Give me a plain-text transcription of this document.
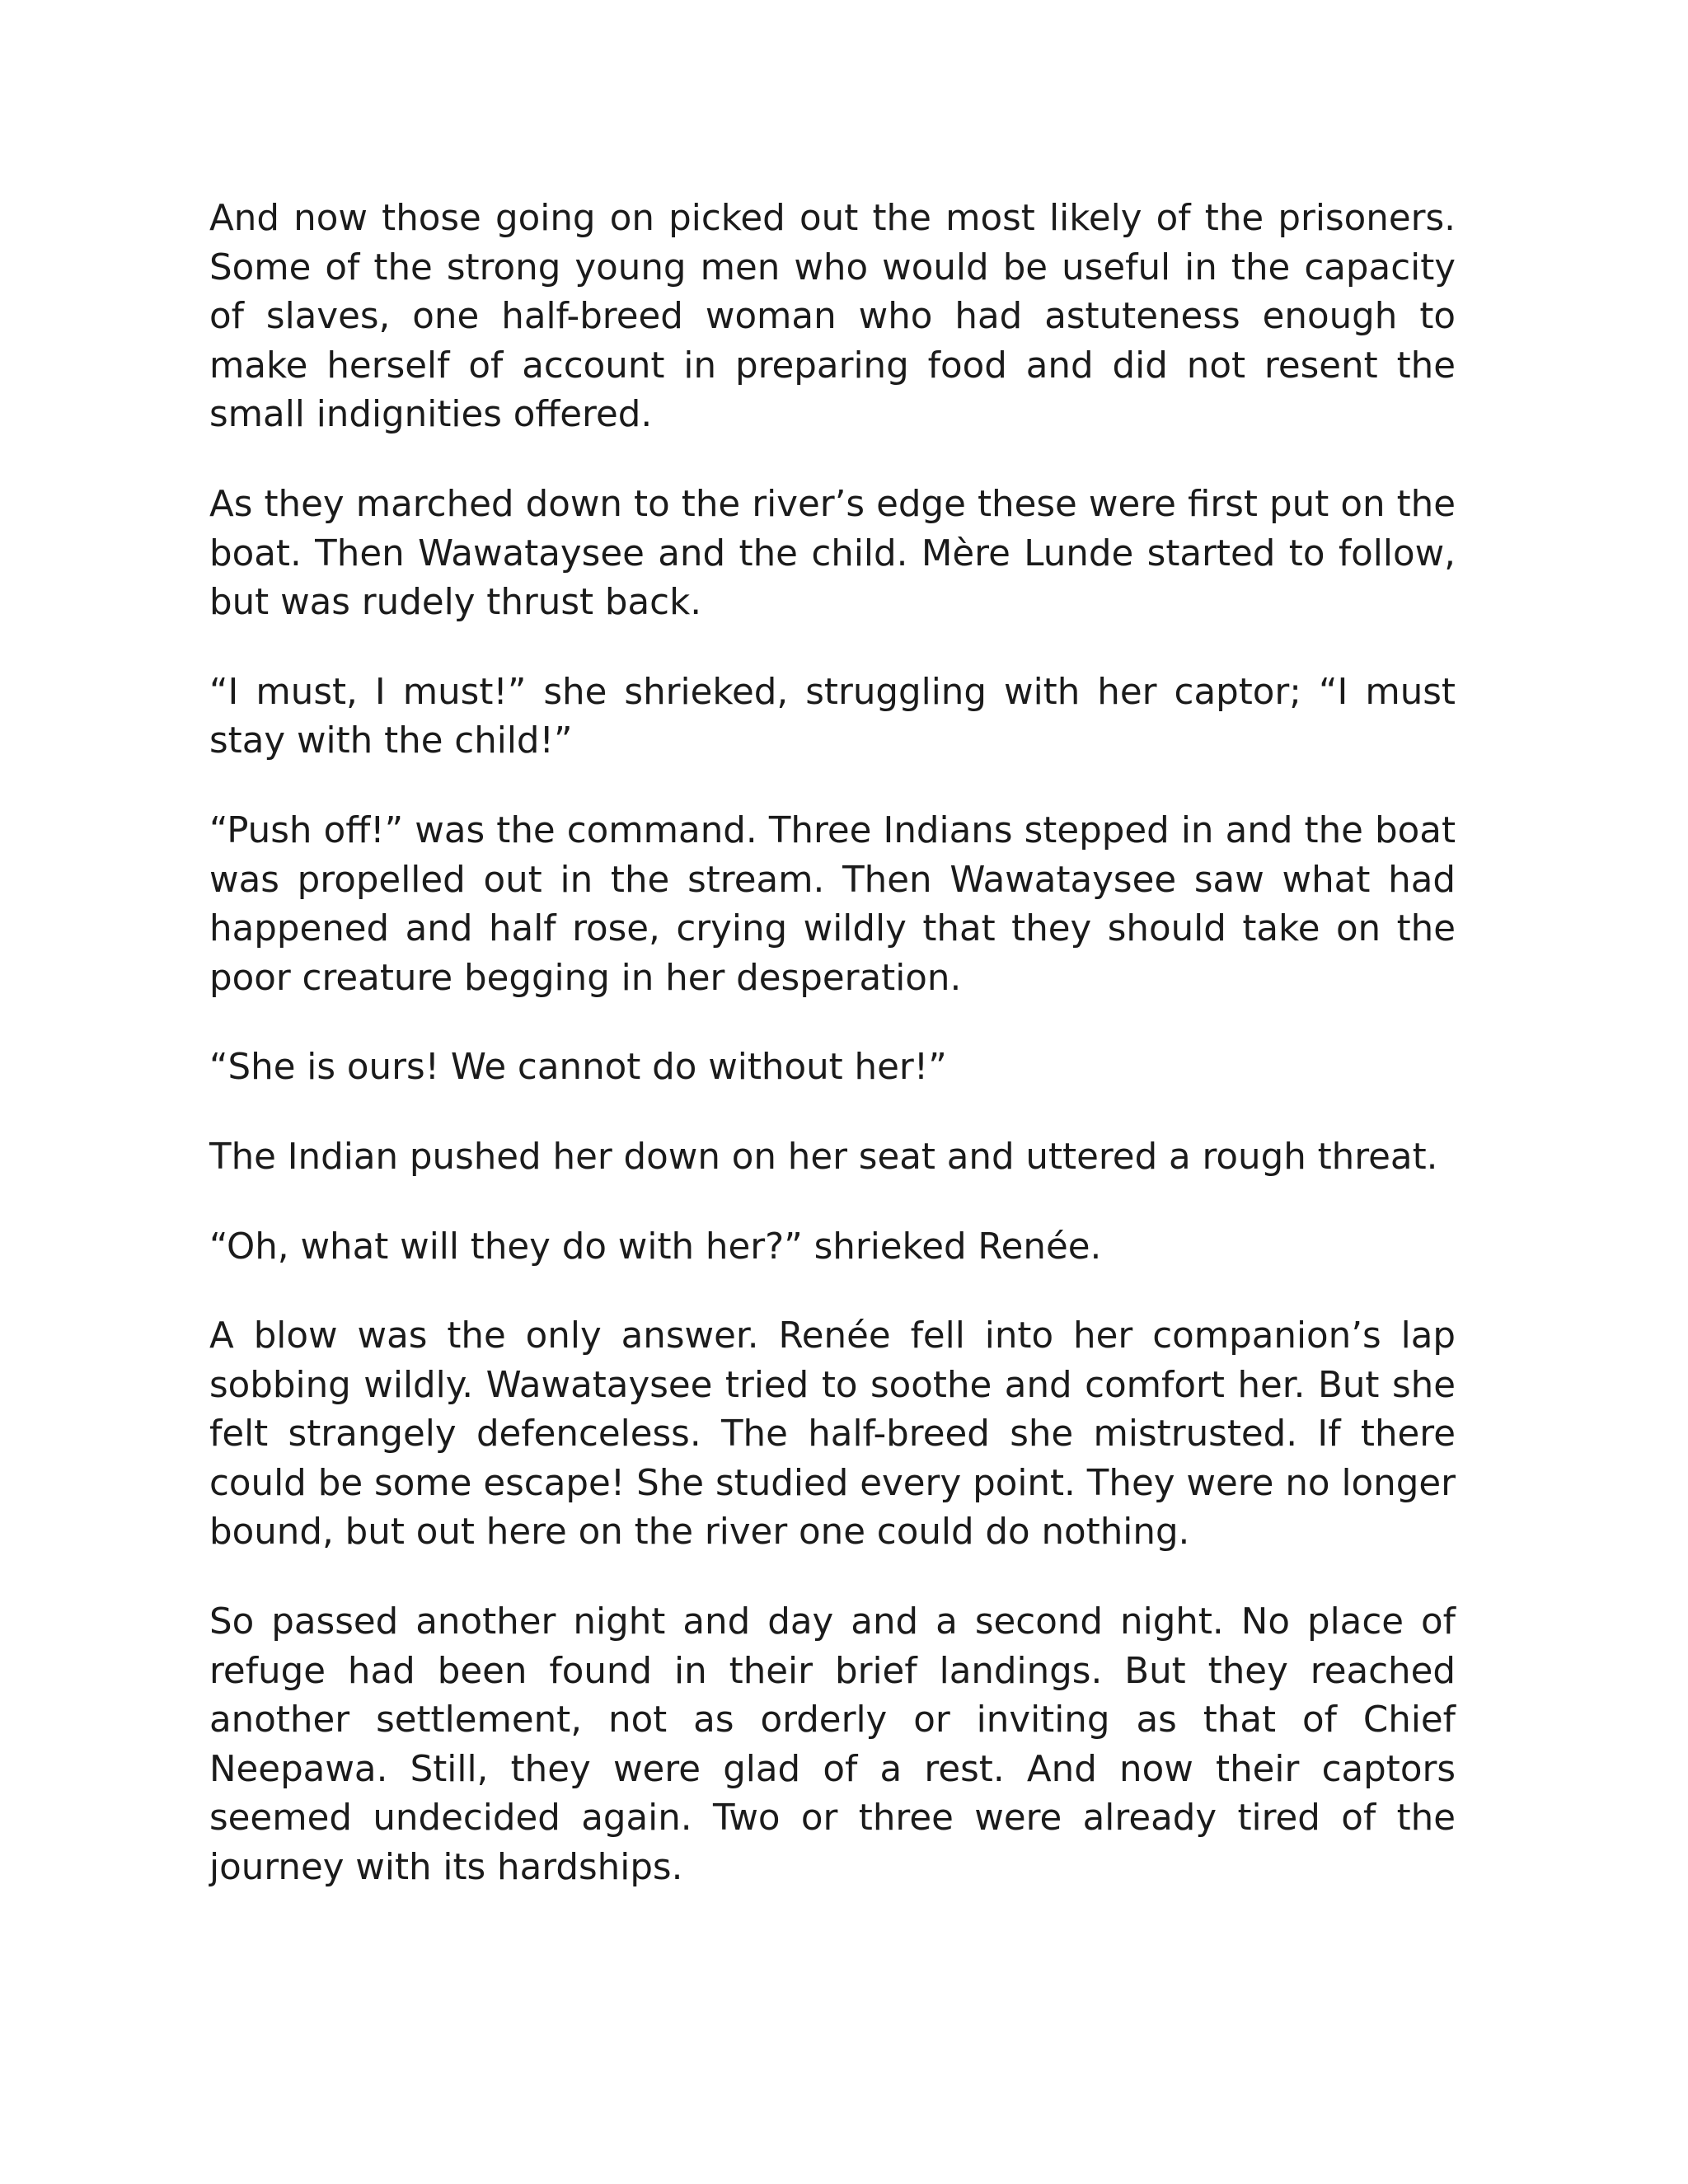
And now those going on picked out the most likely of the prisoners. Some of the strong young men who would be useful in the capacity of slaves, one half-breed woman who had astuteness enough to make herself of account in preparing food and did not resent the small indignities offered.

As they marched down to the river’s edge these were first put on the boat. Then Wawataysee and the child. Mère Lunde started to follow, but was rudely thrust back.

“I must, I must!” she shrieked, struggling with her captor; “I must stay with the child!”

“Push off!” was the command. Three Indians stepped in and the boat was propelled out in the stream. Then Wawataysee saw what had happened and half rose, crying wildly that they should take on the poor creature begging in her desperation.

“She is ours! We cannot do without her!”

The Indian pushed her down on her seat and uttered a rough threat.

“Oh, what will they do with her?” shrieked Renée.

A blow was the only answer. Renée fell into her companion’s lap sobbing wildly. Wawataysee tried to soothe and comfort her. But she felt strangely defenceless. The half-breed she mistrusted. If there could be some escape! She studied every point. They were no longer bound, but out here on the river one could do nothing.

So passed another night and day and a second night. No place of refuge had been found in their brief landings. But they reached another settlement, not as orderly or inviting as that of Chief Neepawa. Still, they were glad of a rest. And now their captors seemed undecided again. Two or three were already tired of the journey with its hardships.
